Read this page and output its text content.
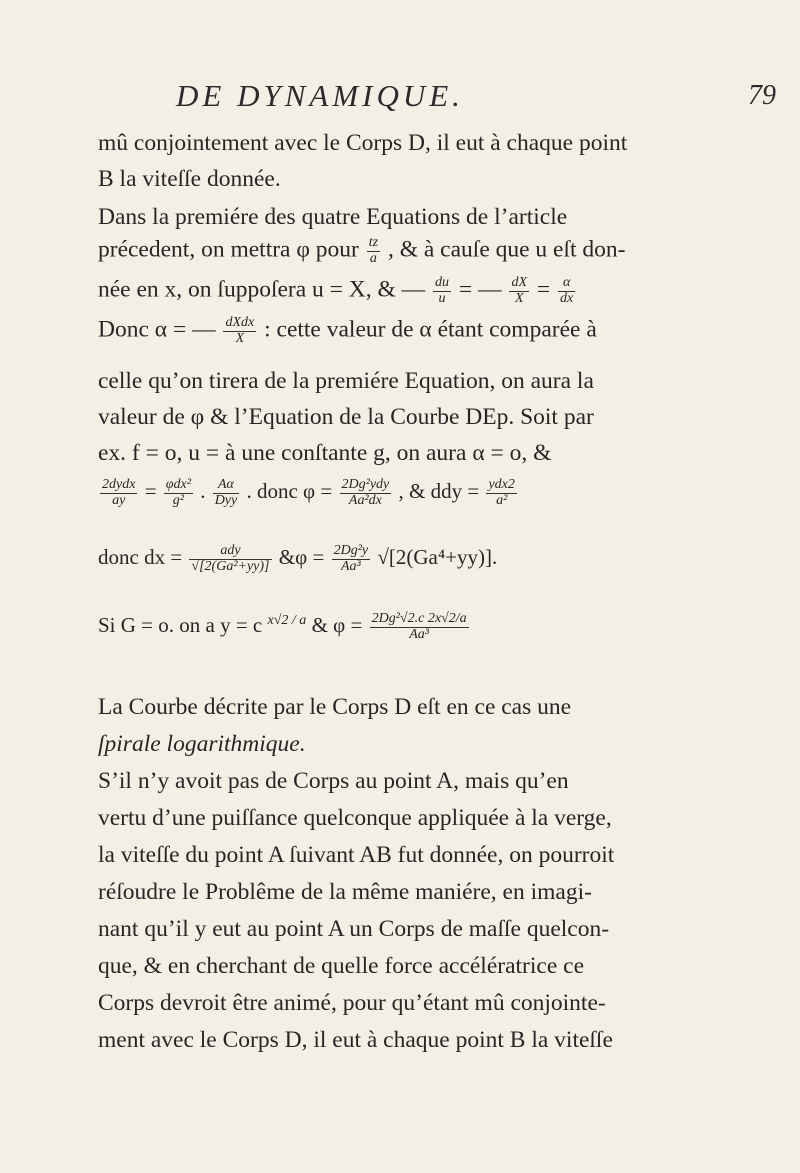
DE DYNAMIQUE.	79
mû conjointement avec le Corps D, il eut à chaque point
B la viteſſe donnée.
Dans la premiére des quatre Equations de l’article
précedent, on mettra φ pour $\frac{tz}{a}$ , & à cauſe que u eſt don-
née en x, on ſuppoſera u = X, & — $\frac{du}{u}$ = — $\frac{dX}{X} = \frac{\alpha}{dx}$
Donc α = — $\frac{\text{dXdx}}{X}$ : cette valeur de α étant comparée à
celle qu’on tirera de la premiére Equation, on aura la
valeur de φ & l’Equation de la Courbe DEp. Soit par
ex. f = o, u = à une conſtante g, on aura α = o, &
$\frac{\text{2dydx}}{ay} = \frac{\text{φdx²}}{\text{g²}}$ . $\frac{A\alpha}{\text{Dyy}}$ . donc $\varphi = \frac{\text{2Dg²ydy}}{\text{Aa²dx}}$ , & ddy = $\frac{\text{ydx2}}{\text{a²}}$
donc dx = $\frac{\text{ady}}{\text{√[2(Ga²+yy)]}}$ &φ = $\frac{\text{2Dg²y}}{\text{Aa³}} √[2(Ga^4+yy)]$.
Si G = o. on a y = c $^{x√2 / a}$ & $\varphi = \frac{\text{2Dg²√2.c 2x√2/a}}{\text{Aa³}}$
La Courbe décrite par le Corps D eſt en ce cas une
ſpirale logarithmique.
S’il n’y avoit pas de Corps au point A, mais qu’en
vertu d’une puiſſance quelconque appliquée à la verge,
la viteſſe du point A ſuivant AB fut donnée, on pourroit
réſoudre le Problême de la même maniére, en imagi-
nant qu’il y eut au point A un Corps de maſſe quelcon-
que, & en cherchant de quelle force accélératrice ce
Corps devroit être animé, pour qu’étant mû conjointe-
ment avec le Corps D, il eut à chaque point B la viteſſe
